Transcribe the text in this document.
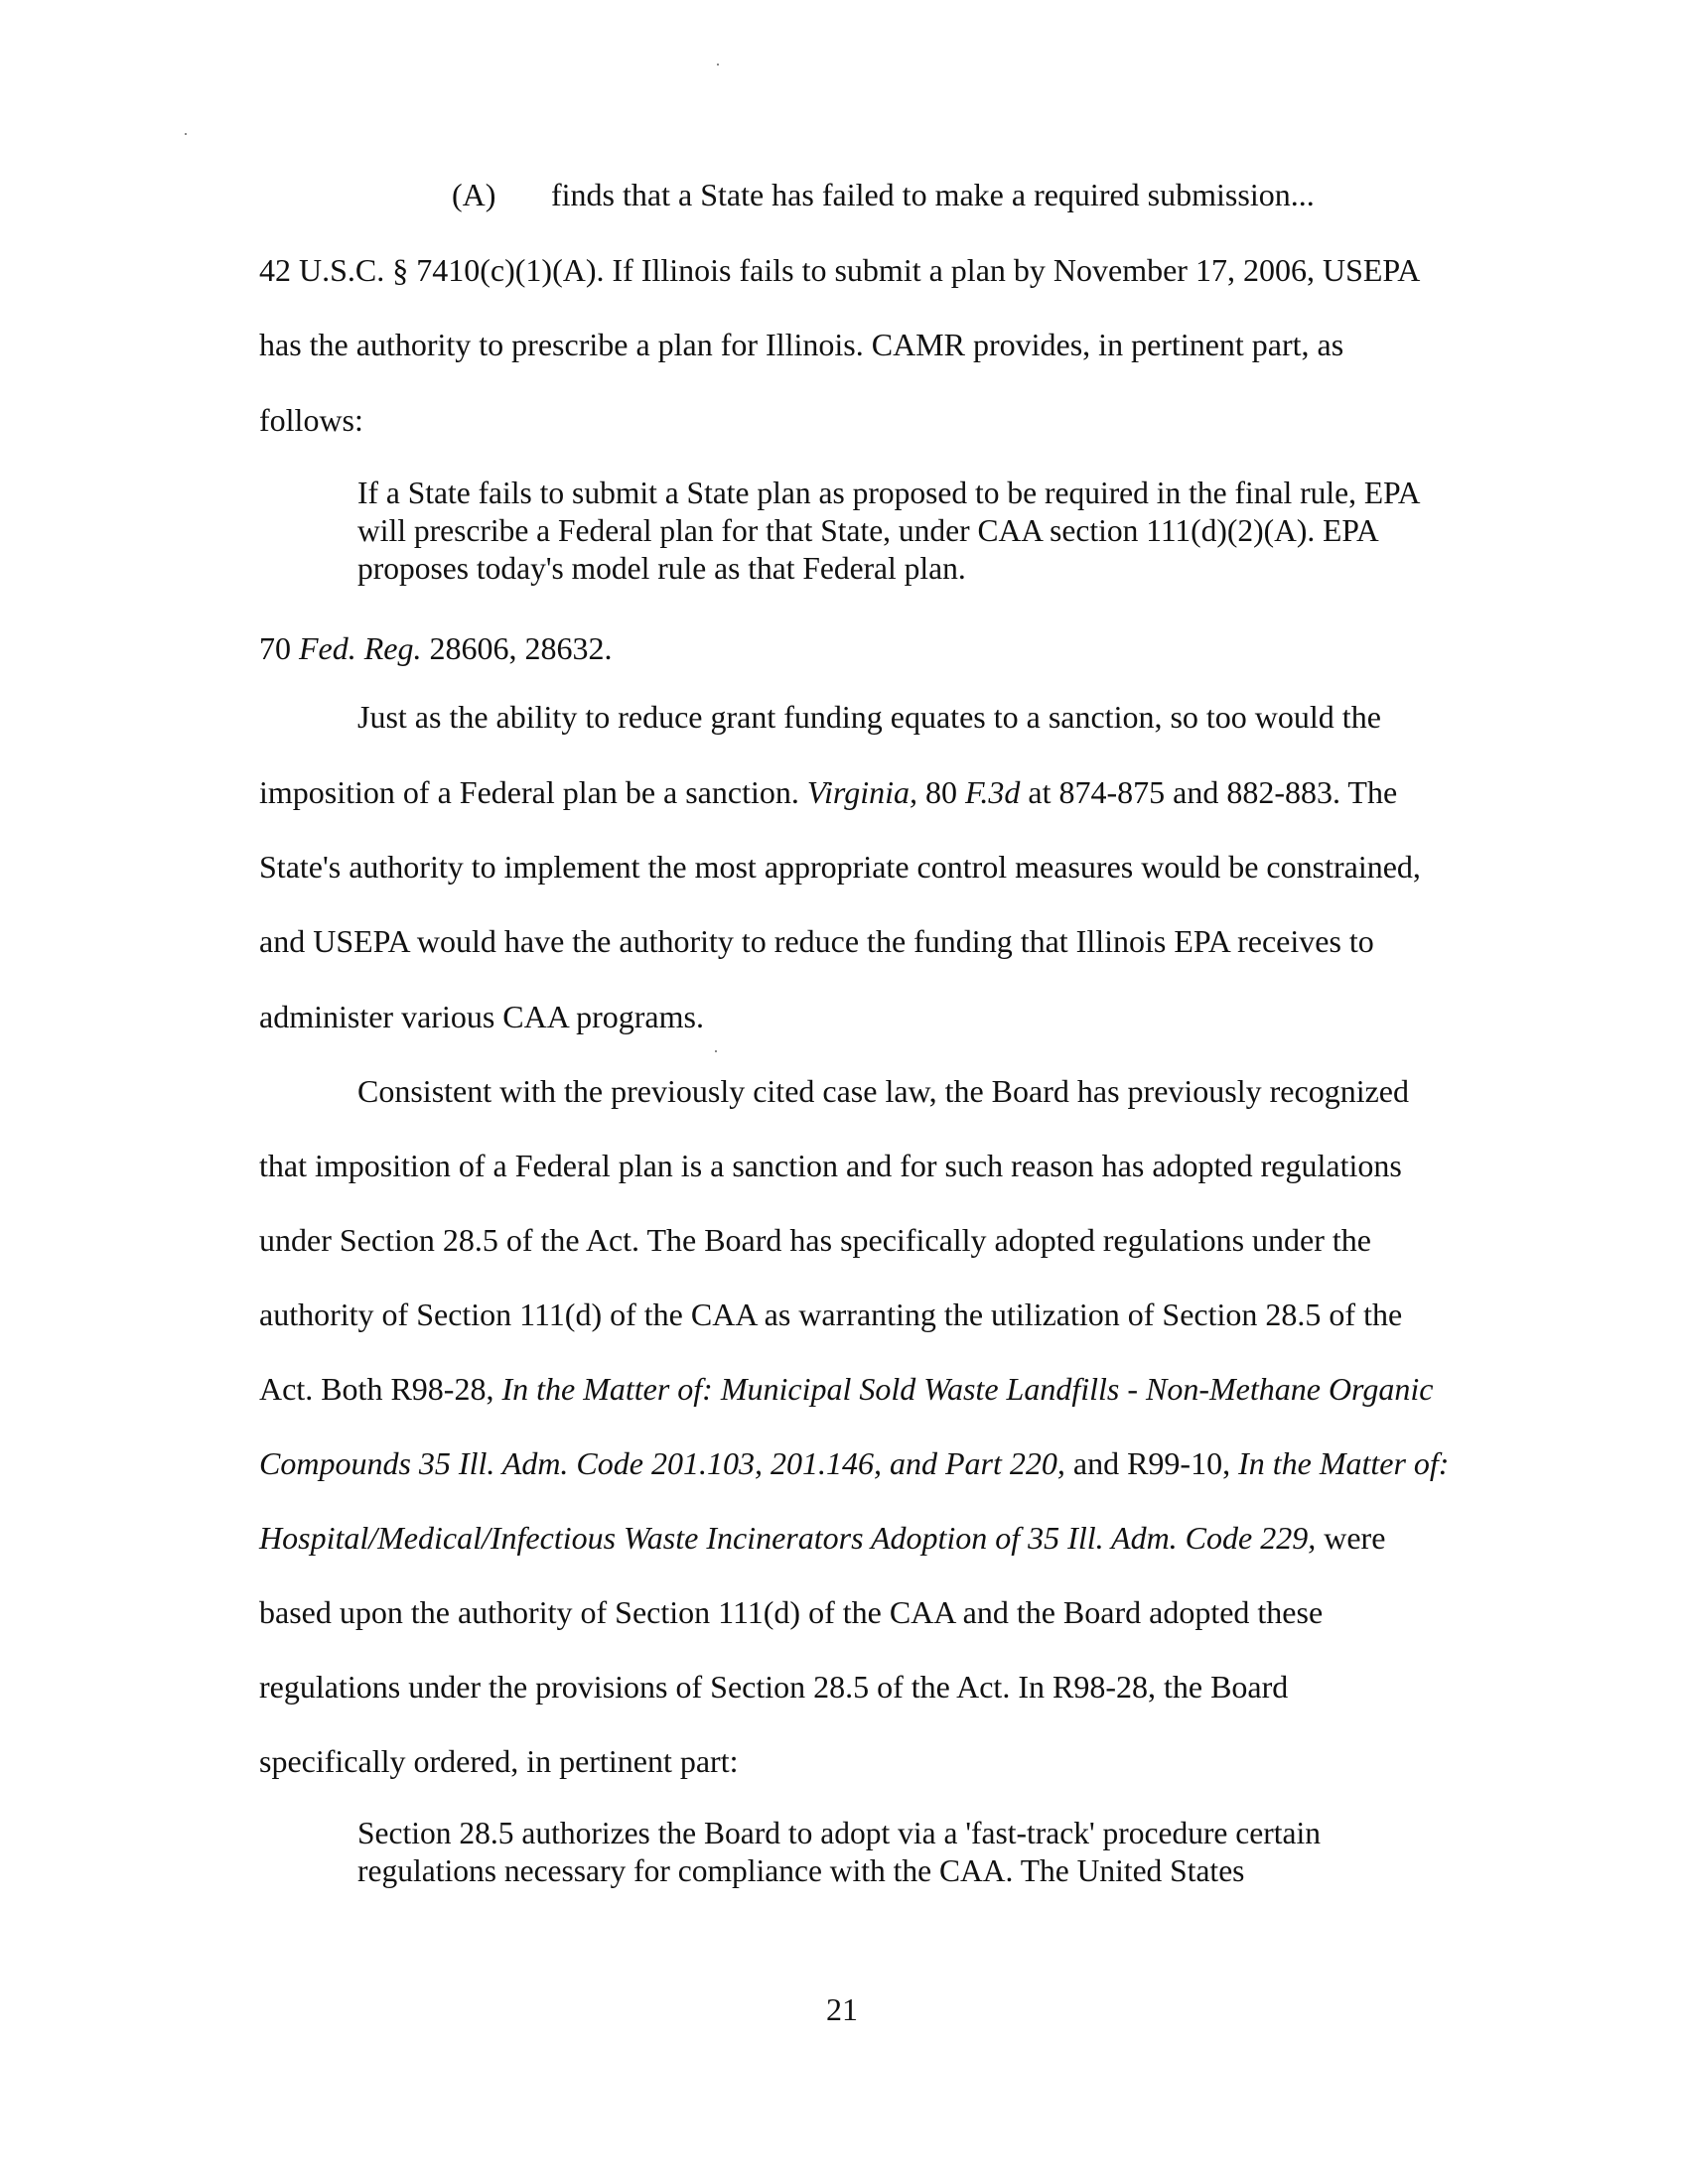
(A) finds that a State has failed to make a required submission...
42 U.S.C. § 7410(c)(1)(A). If Illinois fails to submit a plan by November 17, 2006, USEPA
has the authority to prescribe a plan for Illinois. CAMR provides, in pertinent part, as
follows:
If a State fails to submit a State plan as proposed to be required in the final rule, EPA
will prescribe a Federal plan for that State, under CAA section 111(d)(2)(A). EPA
proposes today's model rule as that Federal plan.
70 Fed. Reg. 28606, 28632.
Just as the ability to reduce grant funding equates to a sanction, so too would the
imposition of a Federal plan be a sanction. Virginia, 80 F.3d at 874-875 and 882-883. The
State's authority to implement the most appropriate control measures would be constrained,
and USEPA would have the authority to reduce the funding that Illinois EPA receives to
administer various CAA programs.
Consistent with the previously cited case law, the Board has previously recognized
that imposition of a Federal plan is a sanction and for such reason has adopted regulations
under Section 28.5 of the Act. The Board has specifically adopted regulations under the
authority of Section 111(d) of the CAA as warranting the utilization of Section 28.5 of the
Act. Both R98-28, In the Matter of: Municipal Sold Waste Landfills - Non-Methane Organic
Compounds 35 Ill. Adm. Code 201.103, 201.146, and Part 220, and R99-10, In the Matter of:
Hospital/Medical/Infectious Waste Incinerators Adoption of 35 Ill. Adm. Code 229, were
based upon the authority of Section 111(d) of the CAA and the Board adopted these
regulations under the provisions of Section 28.5 of the Act. In R98-28, the Board
specifically ordered, in pertinent part:
Section 28.5 authorizes the Board to adopt via a 'fast-track' procedure certain
regulations necessary for compliance with the CAA. The United States
21
